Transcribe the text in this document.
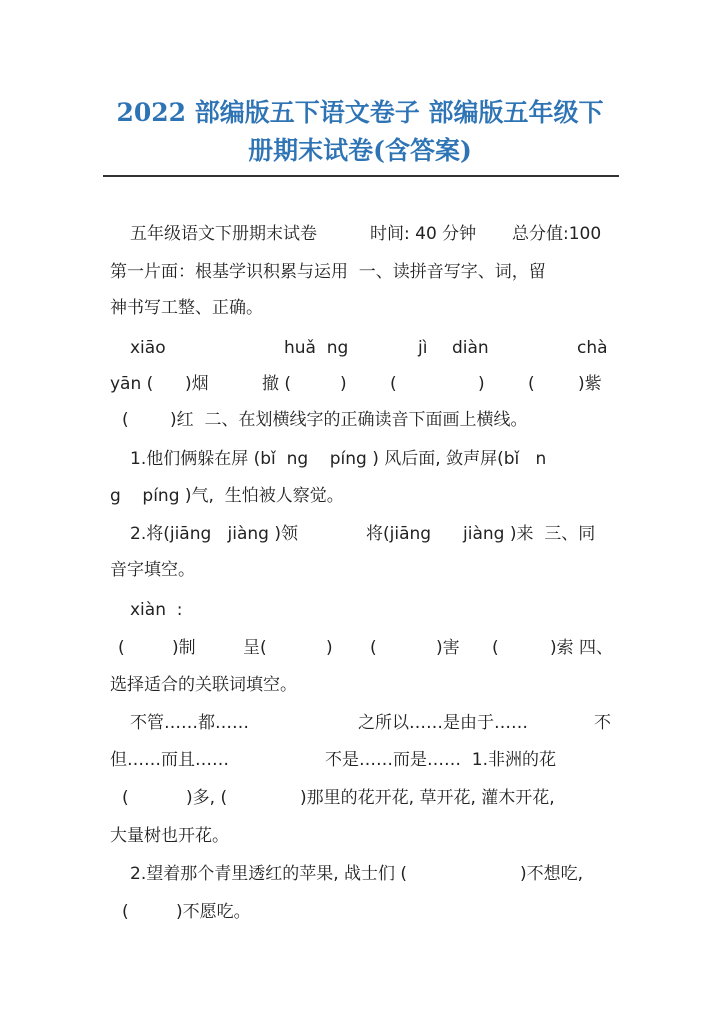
2022 部编版五下语文卷子 部编版五年级下
册期末试卷(含答案)
五年级语文下册期末试卷	时间: 40 分钟 总分值:100
第一片面：根基学识积累与运用  一、读拼音写字、词，留
神书写工整、正确。
xiāo	huǎ  ng	jì diàn	chà
yān ( )烟	撤 (	)	(	)	(	)紫
( )红  二、在划横线字的正确读音下面画上横线。
1.他们俩躲在屏 (bǐ  ng    píng ) 风后面, 敛声屏(bǐ   n
g    píng )气,  生怕被人察觉。
2.将(jiāng   jiàng )领	将(jiāng jiàng )来  三、同
音字填空。
xiàn  :
(	)制	呈(	) (	)害 (	)索 四、
选择适合的关联词填空。
不管……都……	之所以……是由于……	不
但……而且……	不是……而是……  1.非洲的花
(	)多, (	)那里的花开花, 草开花, 灌木开花,
大量树也开花。
2.望着那个青里透红的苹果, 战士们 (	)不想吃,
(	)不愿吃。
